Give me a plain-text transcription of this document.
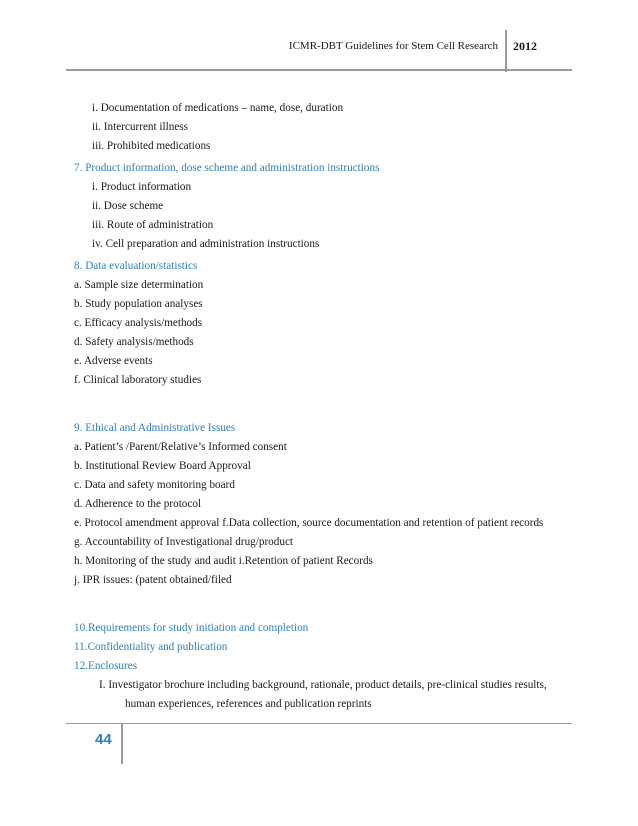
ICMR-DBT Guidelines for Stem Cell Research 2012
i. Documentation of medications – name, dose, duration
ii. Intercurrent illness
iii. Prohibited medications
7. Product information, dose scheme and administration instructions
i. Product information
ii. Dose scheme
iii. Route of administration
iv. Cell preparation and administration instructions
8. Data evaluation/statistics
a. Sample size determination
b. Study population analyses
c. Efficacy analysis/methods
d. Safety analysis/methods
e. Adverse events
f. Clinical laboratory studies
9. Ethical and Administrative Issues
a. Patient’s /Parent/Relative’s Informed consent
b. Institutional Review Board Approval
c. Data and safety monitoring board
d. Adherence to the protocol
e. Protocol amendment approval f.Data collection, source documentation and retention of patient records
g. Accountability of Investigational drug/product
h. Monitoring of the study and audit i.Retention of patient Records
j. IPR issues: (patent obtained/filed
10.Requirements for study initiation and completion
11.Confidentiality and publication
12.Enclosures
I. Investigator brochure including background, rationale, product details, pre-clinical studies results,
human experiences, references and publication reprints
44
